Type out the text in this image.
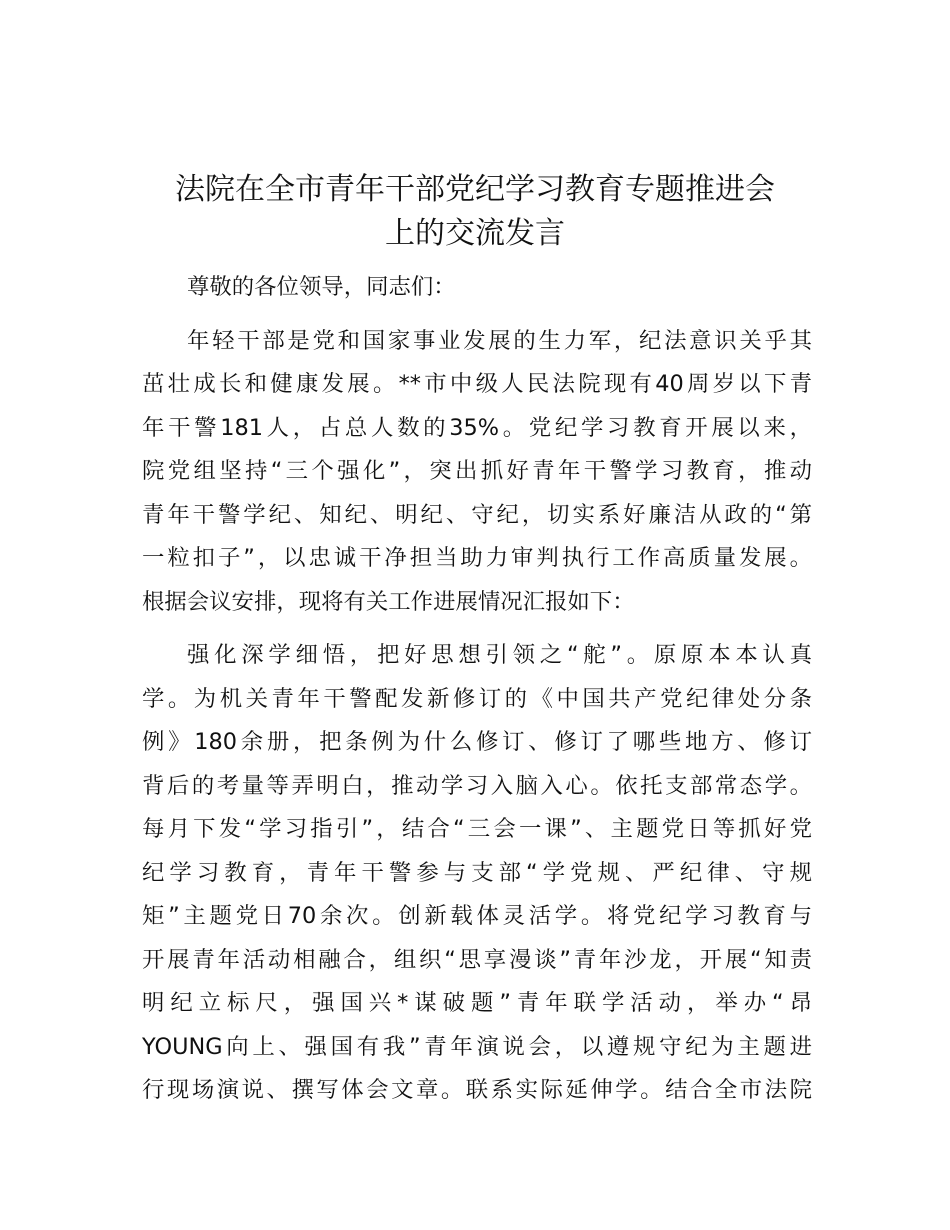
法院在全市青年干部党纪学习教育专题推进会
上的交流发言

尊敬的各位领导，同志们：

年轻干部是党和国家事业发展的生力军，纪法意识关乎其
茁壮成长和健康发展。**市中级人民法院现有40周岁以下青
年干警181人，占总人数的35%。党纪学习教育开展以来，
院党组坚持“三个强化”，突出抓好青年干警学习教育，推动
青年干警学纪、知纪、明纪、守纪，切实系好廉洁从政的“第
一粒扣子”，以忠诚干净担当助力审判执行工作高质量发展。
根据会议安排，现将有关工作进展情况汇报如下：

强化深学细悟，把好思想引领之“舵”。原原本本认真
学。为机关青年干警配发新修订的《中国共产党纪律处分条
例》180余册，把条例为什么修订、修订了哪些地方、修订
背后的考量等弄明白，推动学习入脑入心。依托支部常态学。
每月下发“学习指引”，结合“三会一课”、主题党日等抓好党
纪学习教育，青年干警参与支部“学党规、严纪律、守规
矩”主题党日70余次。创新载体灵活学。将党纪学习教育与
开展青年活动相融合，组织“思享漫谈”青年沙龙，开展“知责
明纪立标尺，强国兴*谋破题”青年联学活动，举办“昂
YOUNG向上、强国有我”青年演说会，以遵规守纪为主题进
行现场演说、撰写体会文章。联系实际延伸学。结合全市法院
